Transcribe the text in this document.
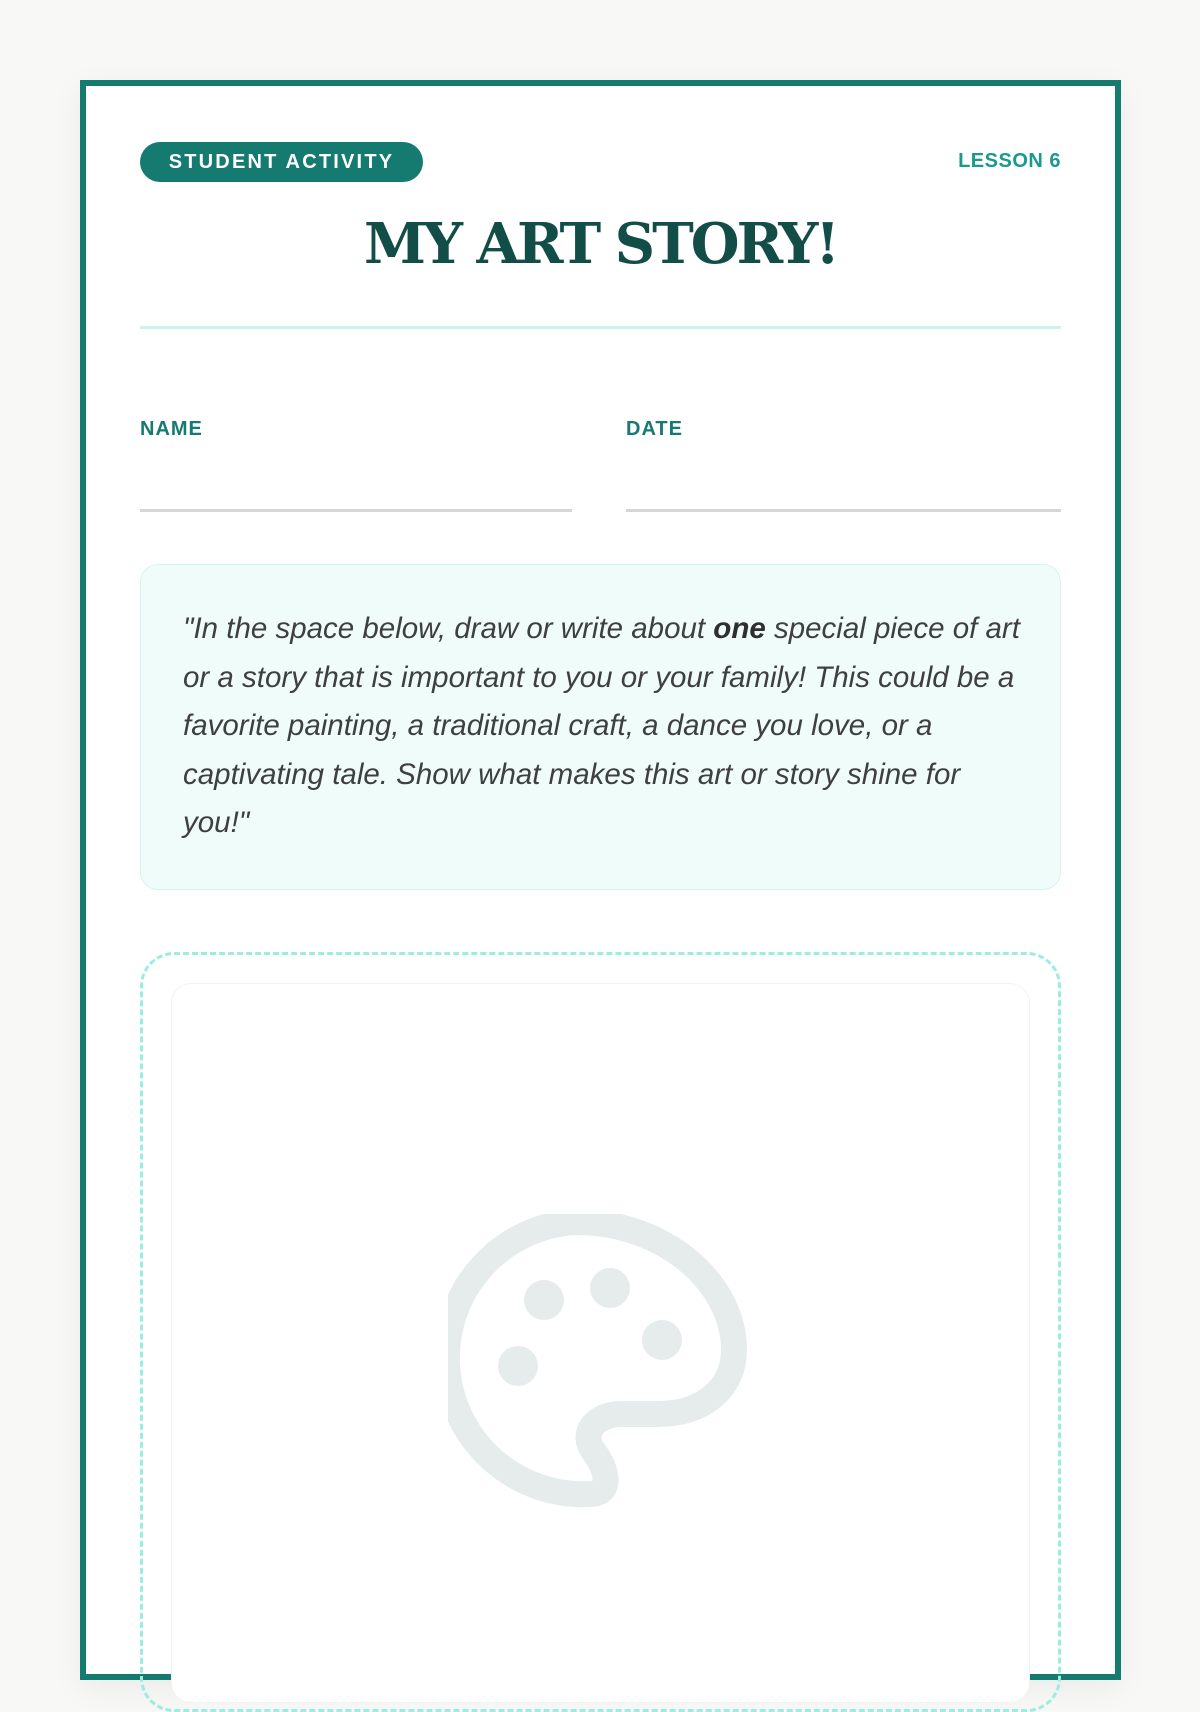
STUDENT ACTIVITY	LESSON 6
MY ART STORY!
NAME	DATE

"In the space below, draw or write about one special piece of art or a story that is important to you or your family! This could be a favorite painting, a traditional craft, a dance you love, or a captivating tale. Show what makes this art or story shine for you!"
